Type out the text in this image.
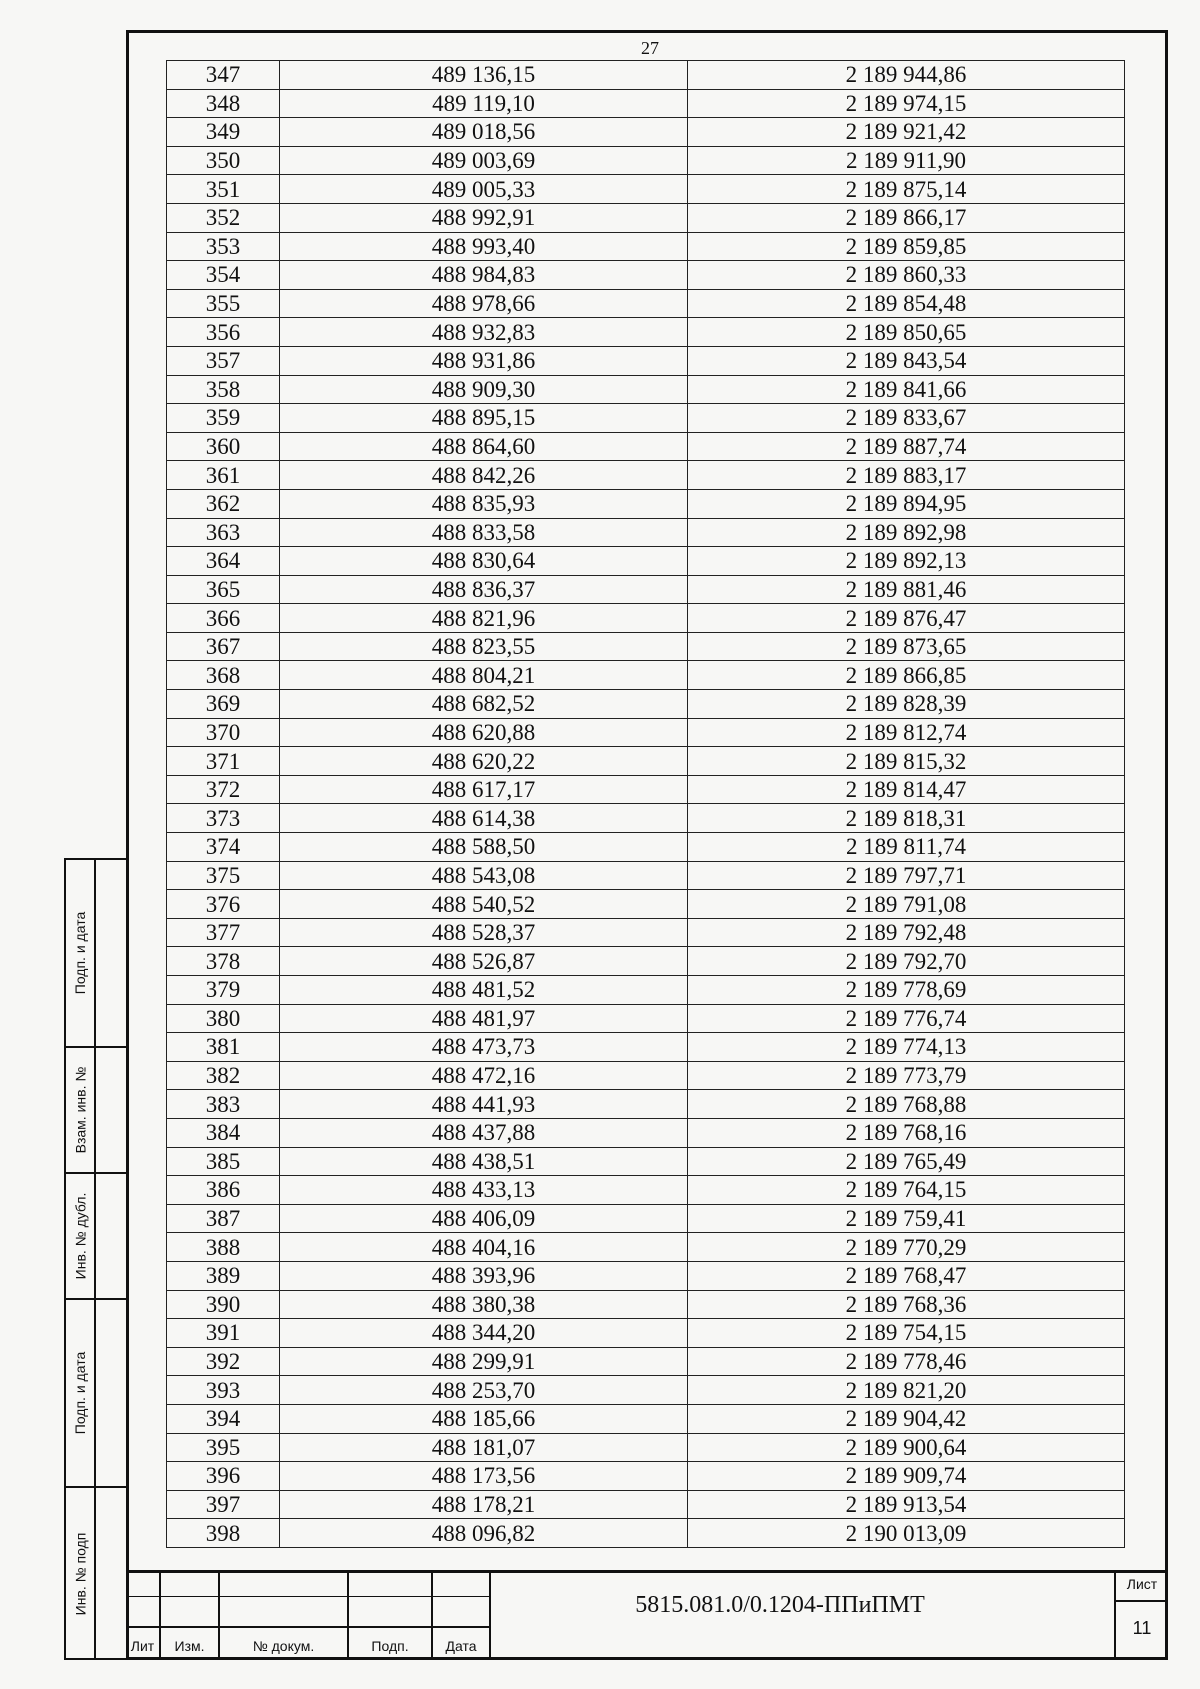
27
347	489 136,15	2 189 944,86
348	489 119,10	2 189 974,15
349	489 018,56	2 189 921,42
350	489 003,69	2 189 911,90
351	489 005,33	2 189 875,14
352	488 992,91	2 189 866,17
353	488 993,40	2 189 859,85
354	488 984,83	2 189 860,33
355	488 978,66	2 189 854,48
356	488 932,83	2 189 850,65
357	488 931,86	2 189 843,54
358	488 909,30	2 189 841,66
359	488 895,15	2 189 833,67
360	488 864,60	2 189 887,74
361	488 842,26	2 189 883,17
362	488 835,93	2 189 894,95
363	488 833,58	2 189 892,98
364	488 830,64	2 189 892,13
365	488 836,37	2 189 881,46
366	488 821,96	2 189 876,47
367	488 823,55	2 189 873,65
368	488 804,21	2 189 866,85
369	488 682,52	2 189 828,39
370	488 620,88	2 189 812,74
371	488 620,22	2 189 815,32
372	488 617,17	2 189 814,47
373	488 614,38	2 189 818,31
374	488 588,50	2 189 811,74
375	488 543,08	2 189 797,71
376	488 540,52	2 189 791,08
377	488 528,37	2 189 792,48
378	488 526,87	2 189 792,70
379	488 481,52	2 189 778,69
380	488 481,97	2 189 776,74
381	488 473,73	2 189 774,13
382	488 472,16	2 189 773,79
383	488 441,93	2 189 768,88
384	488 437,88	2 189 768,16
385	488 438,51	2 189 765,49
386	488 433,13	2 189 764,15
387	488 406,09	2 189 759,41
388	488 404,16	2 189 770,29
389	488 393,96	2 189 768,47
390	488 380,38	2 189 768,36
391	488 344,20	2 189 754,15
392	488 299,91	2 189 778,46
393	488 253,70	2 189 821,20
394	488 185,66	2 189 904,42
395	488 181,07	2 189 900,64
396	488 173,56	2 189 909,74
397	488 178,21	2 189 913,54
398	488 096,82	2 190 013,09
Подп. и дата
Взам. инв. №
Инв. № дубл.
Подп. и дата
Инв. № подп
Лит	Изм.	№ докум.	Подп.	Дата
5815.081.0/0.1204-ППиПМТ
Лист
11
